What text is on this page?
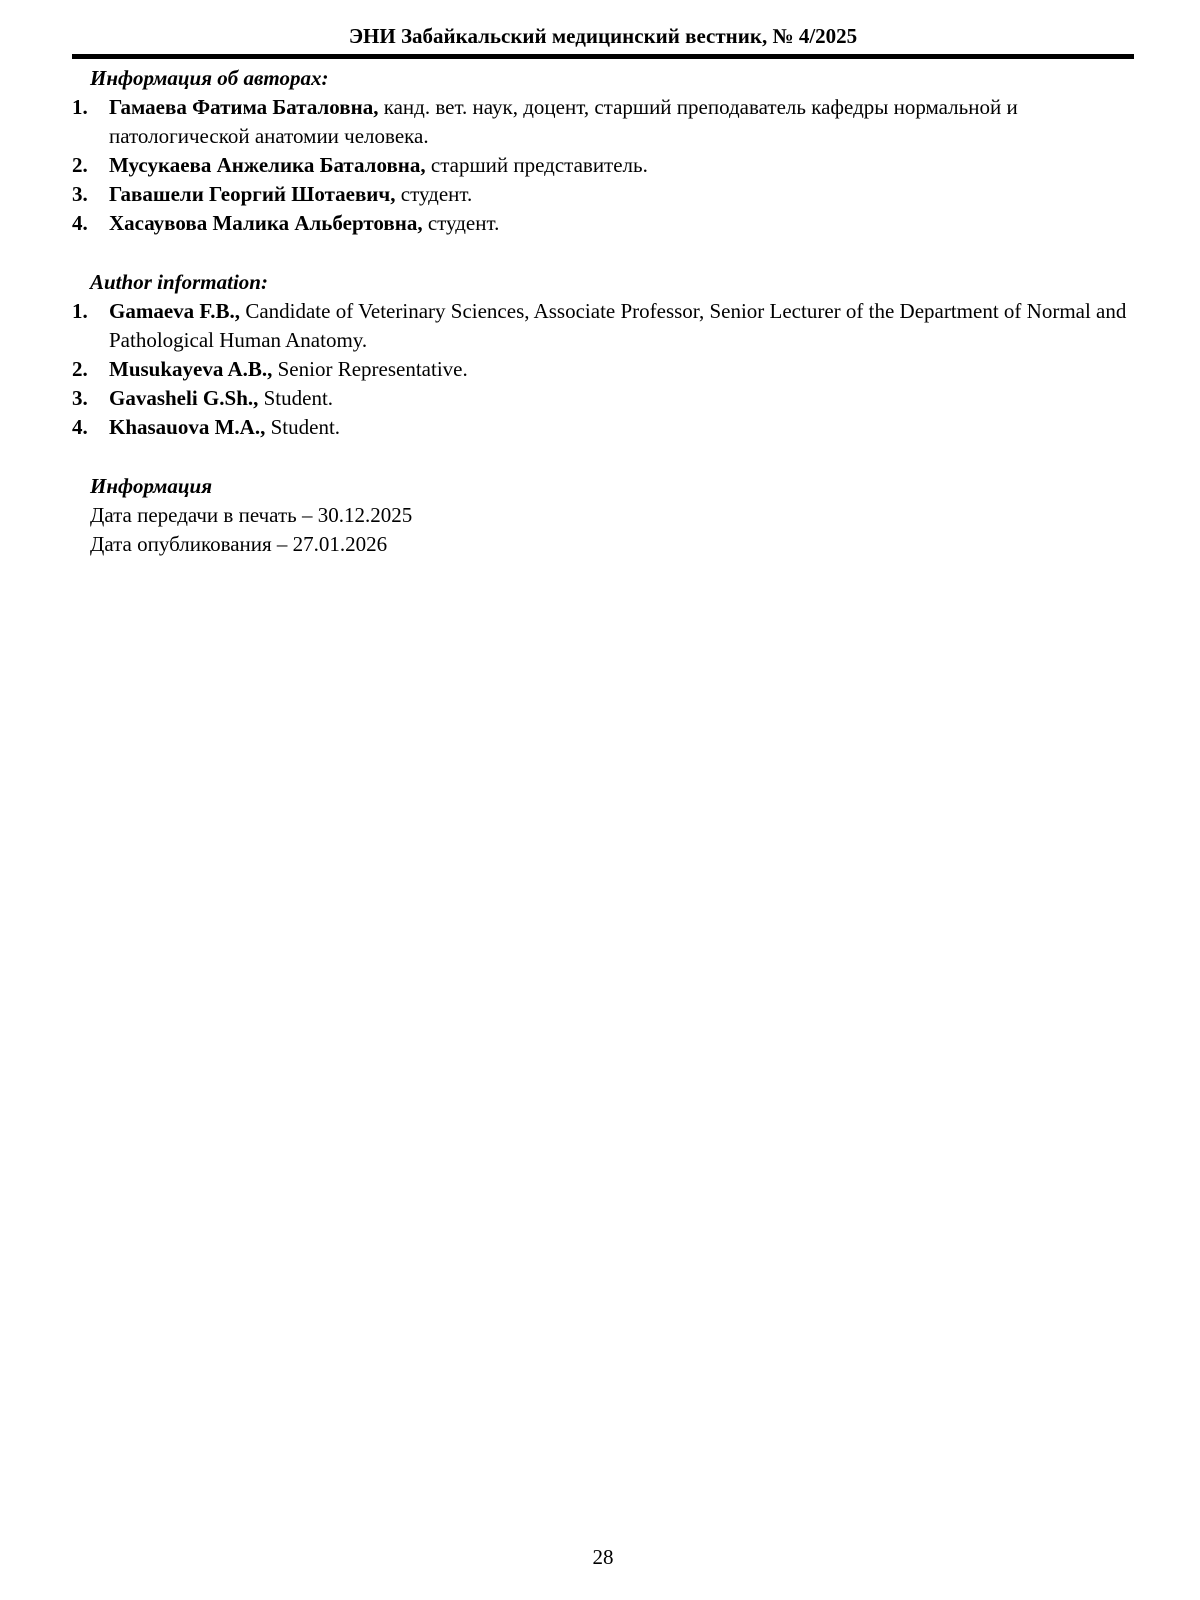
ЭНИ Забайкальский медицинский вестник, № 4/2025
Информация об авторах:
1. Гамаева Фатима Баталовна, канд. вет. наук, доцент, старший преподаватель кафедры нормальной и патологической анатомии человека.
2. Мусукаева Анжелика Баталовна, старший представитель.
3. Гавашели Георгий Шотаевич, студент.
4. Хасаувова Малика Альбертовна, студент.
Author information:
1. Gamaeva F.B., Candidate of Veterinary Sciences, Associate Professor, Senior Lecturer of the Department of Normal and Pathological Human Anatomy.
2. Musukayeva A.B., Senior Representative.
3. Gavasheli G.Sh., Student.
4. Khasauova M.A., Student.
Информация
Дата передачи в печать – 30.12.2025
Дата опубликования – 27.01.2026
28
